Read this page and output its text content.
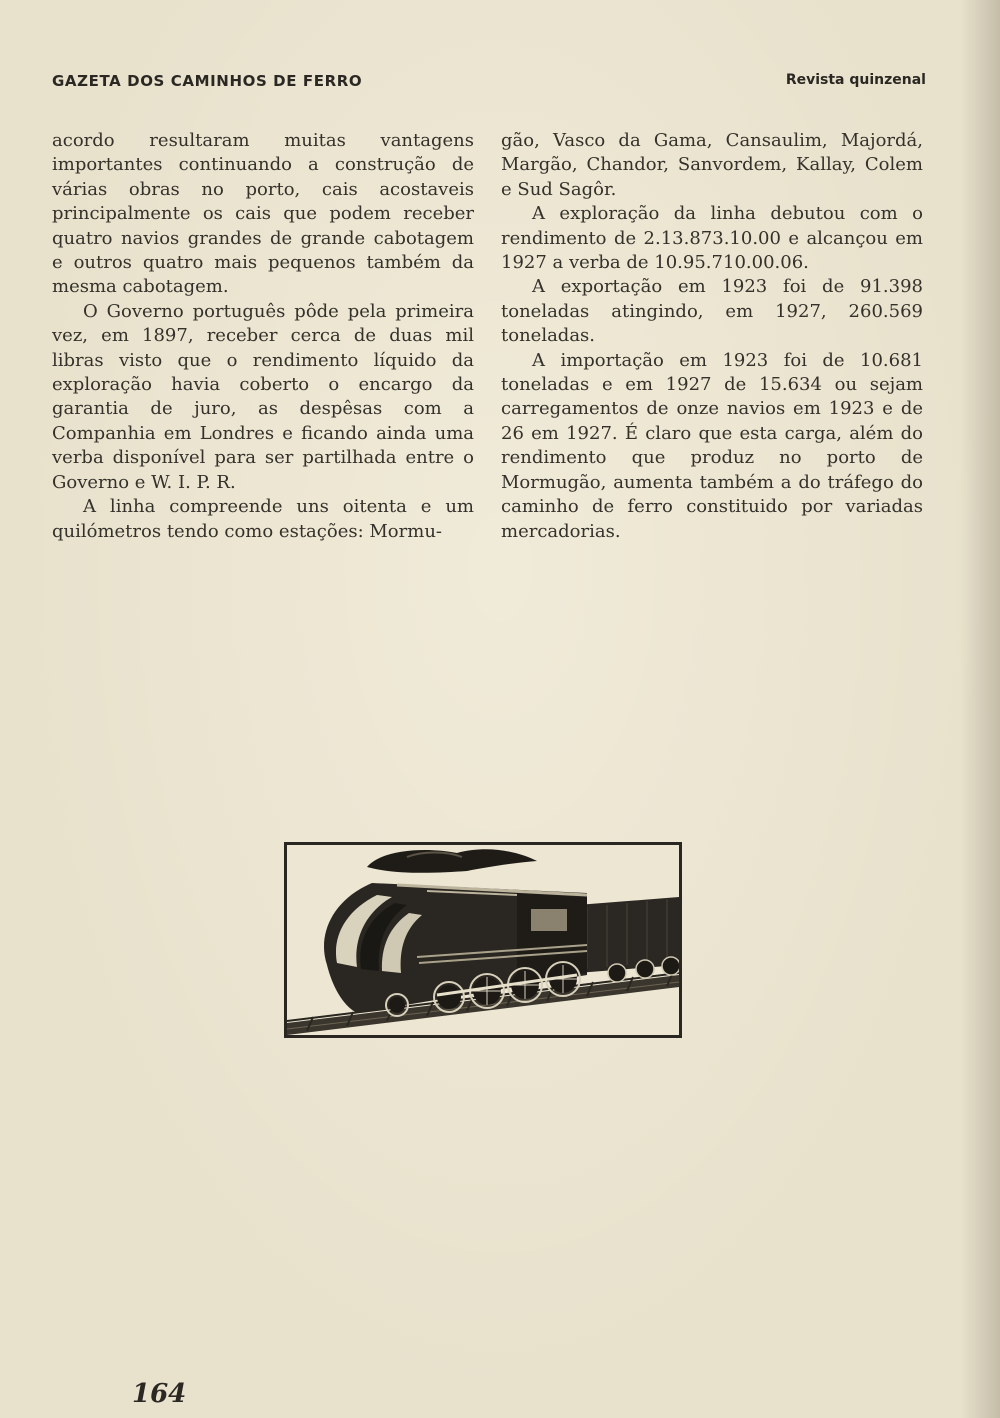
GAZETA DOS CAMINHOS DE FERRO	Revista quinzenal

acordo resultaram muitas vantagens importantes continuando a construção de várias obras no porto, cais acostaveis principalmente os cais que podem receber quatro navios grandes de grande cabotagem e outros quatro mais pequenos também da mesma cabotagem.

O Governo português pôde pela primeira vez, em 1897, receber cerca de duas mil libras visto que o rendimento líquido da exploração havia coberto o encargo da garantia de juro, as despêsas com a Companhia em Londres e ficando ainda uma verba disponível para ser partilhada entre o Governo e W. I. P. R.

A linha compreende uns oitenta e um quilómetros tendo como estações: Mormu-

gão, Vasco da Gama, Cansaulim, Majordá, Margão, Chandor, Sanvordem, Kallay, Colem e Sud Sagôr.

A exploração da linha debutou com o rendimento de 2.13.873.10.00 e alcançou em 1927 a verba de 10.95.710.00.06.

A exportação em 1923 foi de 91.398 toneladas atingindo, em 1927, 260.569 toneladas.

A importação em 1923 foi de 10.681 toneladas e em 1927 de 15.634 ou sejam carregamentos de onze navios em 1923 e de 26 em 1927. É claro que esta carga, além do rendimento que produz no porto de Mormugão, aumenta também a do tráfego do caminho de ferro constituido por variadas mercadorias.

164
